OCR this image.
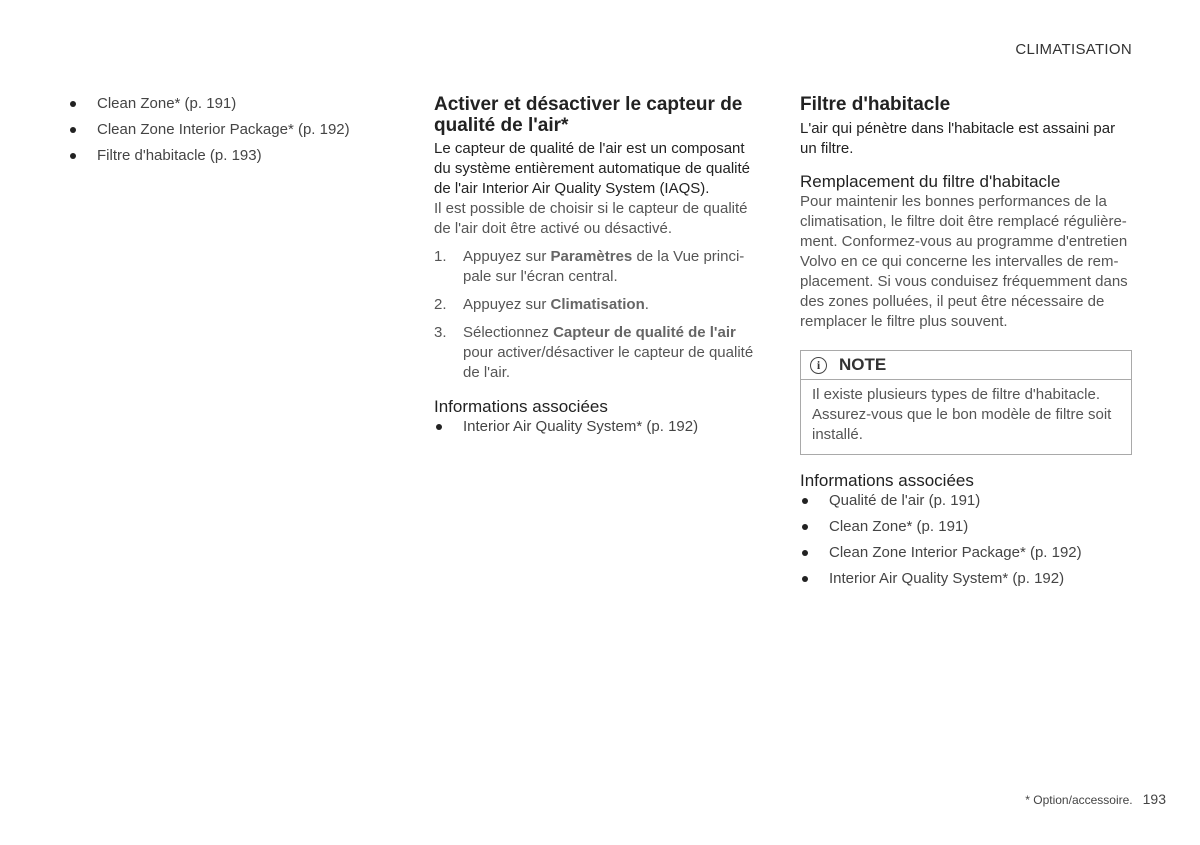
CLIMATISATION
Clean Zone* (p. 191)
Clean Zone Interior Package* (p. 192)
Filtre d'habitacle (p. 193)
Activer et désactiver le capteur de qualité de l'air*

Le capteur de qualité de l'air est un composant du système entièrement automatique de qualité de l'air Interior Air Quality System (IAQS).

Il est possible de choisir si le capteur de qualité de l'air doit être activé ou désactivé.

1. Appuyez sur Paramètres de la Vue princi-pale sur l'écran central.
2. Appuyez sur Climatisation.
3. Sélectionnez Capteur de qualité de l'air pour activer/désactiver le capteur de qualité de l'air.
Informations associées
Interior Air Quality System* (p. 192)
Filtre d'habitacle

L'air qui pénètre dans l'habitacle est assaini par un filtre.

Remplacement du filtre d'habitacle

Pour maintenir les bonnes performances de la climatisation, le filtre doit être remplacé régulière-ment. Conformez-vous au programme d'entretien Volvo en ce qui concerne les intervalles de rem-placement. Si vous conduisez fréquemment dans des zones polluées, il peut être nécessaire de remplacer le filtre plus souvent.

i	NOTE
Il existe plusieurs types de filtre d'habitacle. Assurez-vous que le bon modèle de filtre soit installé.
Informations associées
Qualité de l'air (p. 191)
Clean Zone* (p. 191)
Clean Zone Interior Package* (p. 192)
Interior Air Quality System* (p. 192)
* Option/accessoire. 193
